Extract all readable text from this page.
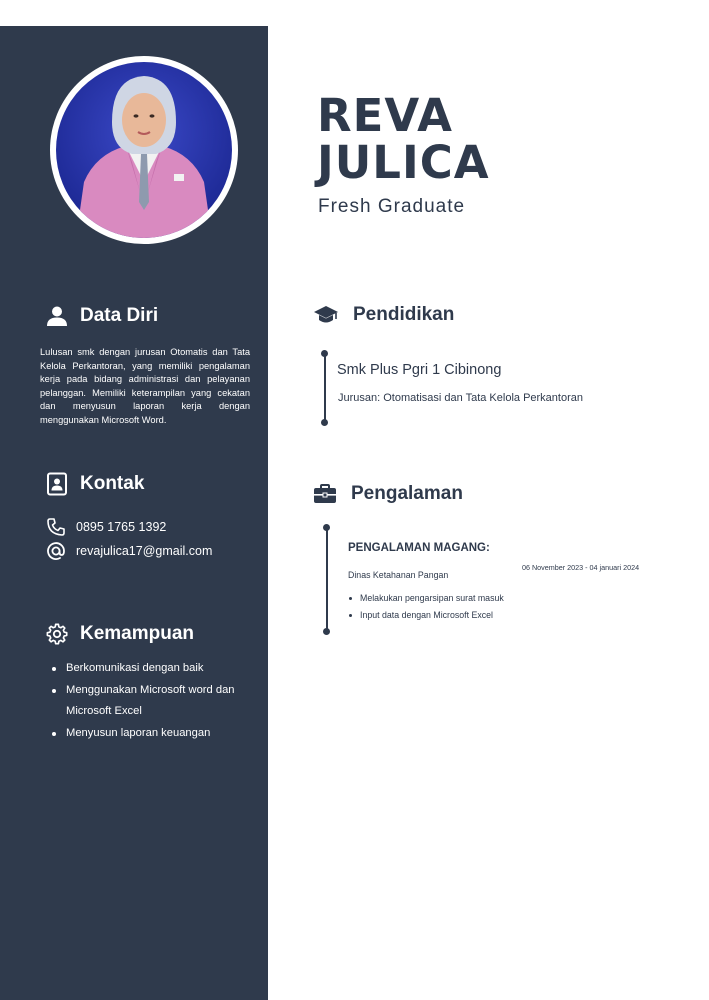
Data Diri

Lulusan smk dengan jurusan Otomatis dan Tata Kelola Perkantoran, yang memiliki pengalaman kerja pada bidang administrasi dan pelayanan pelanggan. Memiliki keterampilan yang cekatan dan menyusun laporan kerja dengan menggunakan Microsoft Word.

Kontak
0895 1765 1392
revajulica17@gmail.com
Kemampuan
Berkomunikasi dengan baik
Menggunakan Microsoft word dan Microsoft Excel
Menyusun laporan keuangan
REVA
JULICA
Fresh Graduate
Pendidikan
Smk Plus Pgri 1 Cibinong
Jurusan: Otomatisasi dan Tata Kelola Perkantoran
Pengalaman
PENGALAMAN MAGANG:
06 November 2023 - 04 januari 2024
Dinas Ketahanan Pangan
Melakukan pengarsipan surat masuk
Input data dengan Microsoft Excel
